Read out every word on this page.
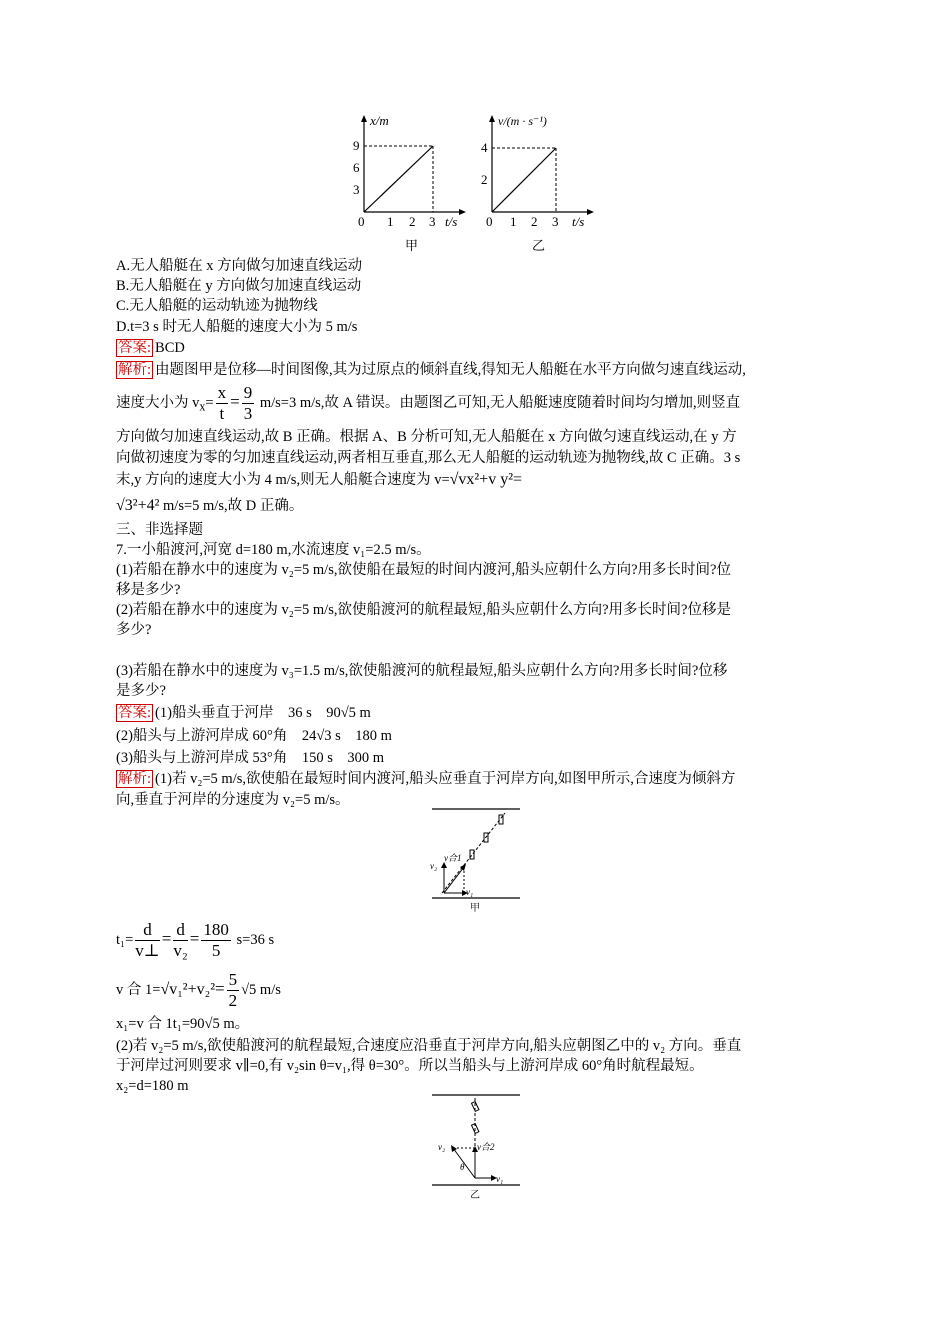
x/m
9
6
3
0 1 2 3 t/s
甲
v/(m · s⁻¹)
4
2
0 1 2 3 t/s
乙
A.无人船艇在 x 方向做匀加速直线运动
B.无人船艇在 y 方向做匀加速直线运动
C.无人船艇的运动轨迹为抛物线
D.t=3 s 时无人船艇的速度大小为 5 m/s
答案: BCD
解析: 由题图甲是位移—时间图像,其为过原点的倾斜直线,得知无人船艇在水平方向做匀速直线运动,
速度大小为 $v_x= \frac{x}{t} = \frac{9}{3} m/s=3$ m/s,故 A 错误。由题图乙可知,无人船艇速度随着时间均匀增加,则竖直
方向做匀加速直线运动,故 B 正确。根据 A、B 分析可知,无人船艇在 x 方向做匀速直线运动,在 y 方
向做初速度为零的匀加速直线运动,两者相互垂直,那么无人船艇的运动轨迹为抛物线,故 C 正确。3 s
末,y 方向的速度大小为 4 m/s,则无人船艇合速度为 v=√vx²+v y²=
√3²+4² m/s=5 m/s,故 D 正确。
三、非选择题
7.一小船渡河,河宽 d=180 m,水流速度 v₁=2.5 m/s。
(1)若船在静水中的速度为 v₂=5 m/s,欲使船在最短的时间内渡河,船头应朝什么方向?用多长时间?位
移是多少?
(2)若船在静水中的速度为 v₂=5 m/s,欲使船渡河的航程最短,船头应朝什么方向?用多长时间?位移是
多少?
(3)若船在静水中的速度为 v₃=1.5 m/s,欲使船渡河的航程最短,船头应朝什么方向?用多长时间?位移
是多少?
答案: (1)船头垂直于河岸　36 s　90√5 m
(2)船头与上游河岸成 60°角　24√3 s　180 m
(3)船头与上游河岸成 53°角　150 s　300 m
解析: (1)若 v₂=5 m/s,欲使船在最短时间内渡河,船头应垂直于河岸方向,如图甲所示,合速度为倾斜方
向,垂直于河岸的分速度为 v₂=5 m/s。
v₂
v合1
v₁
甲
$t_1= \frac{d}{v\perp} = \frac{d}{\text{v₂}} = \frac{180}{5} s=36$ s
v 合 $1=√v_1^2+v_2^2= \frac{5}{2} √5$ m/s
x₁=v 合 1t₁=90√5 m。
(2)若 v₂=5 m/s,欲使船渡河的航程最短,合速度应沿垂直于河岸方向,船头应朝图乙中的 v₂ 方向。垂直
于河岸过河则要求 v∥=0,有 v₂sin θ=v₁,得 θ=30°。所以当船头与上游河岸成 60°角时航程最短。
x₂=d=180 m
v₂	v合2
θ
v₁
乙
